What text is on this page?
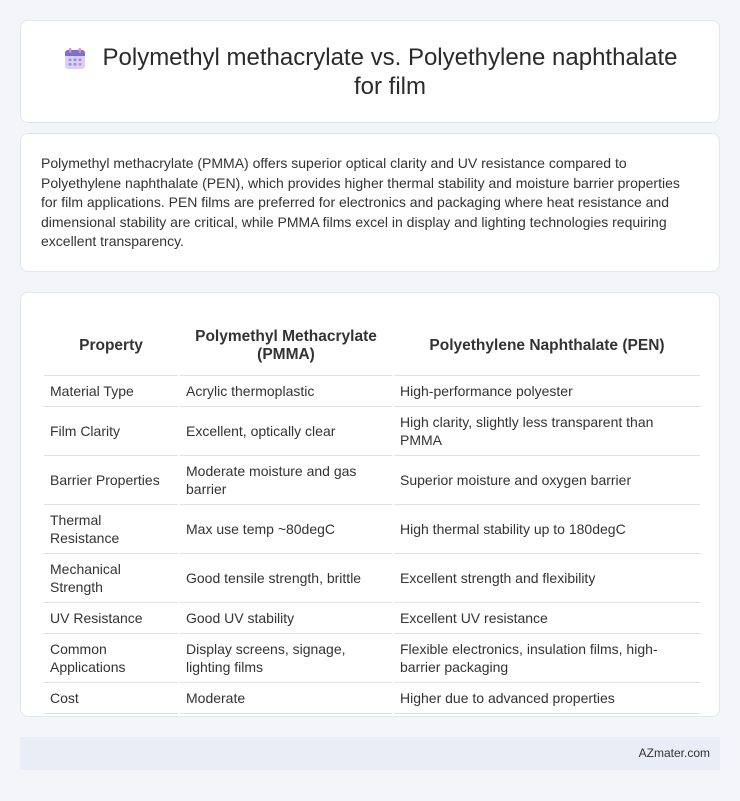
Polymethyl methacrylate vs. Polyethylene naphthalate for film

Polymethyl methacrylate (PMMA) offers superior optical clarity and UV resistance compared to Polyethylene naphthalate (PEN), which provides higher thermal stability and moisture barrier properties for film applications. PEN films are preferred for electronics and packaging where heat resistance and dimensional stability are critical, while PMMA films excel in display and lighting technologies requiring excellent transparency.

Property	Polymethyl Methacrylate (PMMA)	Polyethylene Naphthalate (PEN)
Material Type	Acrylic thermoplastic	High-performance polyester
Film Clarity	Excellent, optically clear	High clarity, slightly less transparent than PMMA
Barrier Properties	Moderate moisture and gas barrier	Superior moisture and oxygen barrier
Thermal Resistance	Max use temp ~80degC	High thermal stability up to 180degC
Mechanical Strength	Good tensile strength, brittle	Excellent strength and flexibility
UV Resistance	Good UV stability	Excellent UV resistance
Common Applications	Display screens, signage, lighting films	Flexible electronics, insulation films, high-barrier packaging
Cost	Moderate	Higher due to advanced properties
AZmater.com
